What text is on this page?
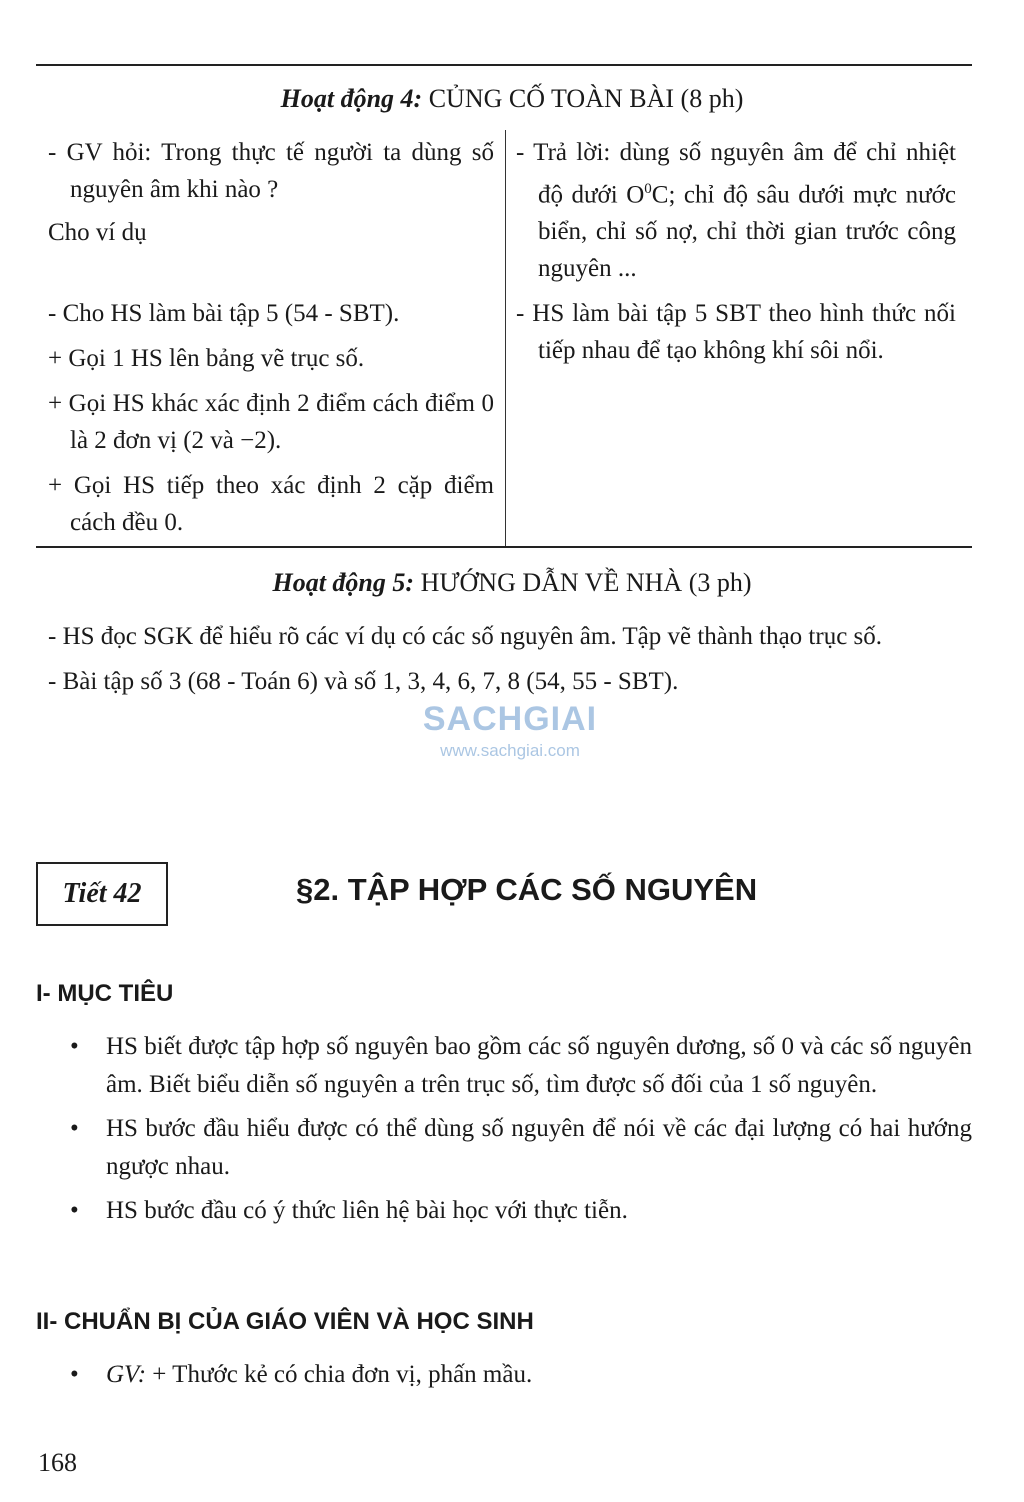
Hoạt động 4: CỦNG CỐ TOÀN BÀI (8 ph)

- GV hỏi: Trong thực tế người ta dùng số nguyên âm khi nào ?

Cho ví dụ

- Cho HS làm bài tập 5 (54 - SBT).

+ Gọi 1 HS lên bảng vẽ trục số.

+ Gọi HS khác xác định 2 điểm cách điểm 0 là 2 đơn vị (2 và −2).

+ Gọi HS tiếp theo xác định 2 cặp điểm cách đều 0.

- Trả lời: dùng số nguyên âm để chỉ nhiệt độ dưới $O^0C$; chỉ độ sâu dưới mực nước biển, chỉ số nợ, chỉ thời gian trước công nguyên ...

- HS làm bài tập 5 SBT theo hình thức nối tiếp nhau để tạo không khí sôi nổi.

Hoạt động 5: HƯỚNG DẪN VỀ NHÀ (3 ph)

- HS đọc SGK để hiểu rõ các ví dụ có các số nguyên âm. Tập vẽ thành thạo trục số.

- Bài tập số 3 (68 - Toán 6) và số 1, 3, 4, 6, 7, 8 (54, 55 - SBT).

SACHGIAI
www.sachgiai.com
Tiết 42	§2. TẬP HỢP CÁC SỐ NGUYÊN
I- MỤC TIÊU
• HS biết được tập hợp số nguyên bao gồm các số nguyên dương, số 0 và các số nguyên âm. Biết biểu diễn số nguyên a trên trục số, tìm được số đối của 1 số nguyên.
• HS bước đầu hiểu được có thể dùng số nguyên để nói về các đại lượng có hai hướng ngược nhau.
• HS bước đầu có ý thức liên hệ bài học với thực tiễn.
II- CHUẨN BỊ CỦA GIÁO VIÊN VÀ HỌC SINH
• GV: + Thước kẻ có chia đơn vị, phấn mầu.
168
